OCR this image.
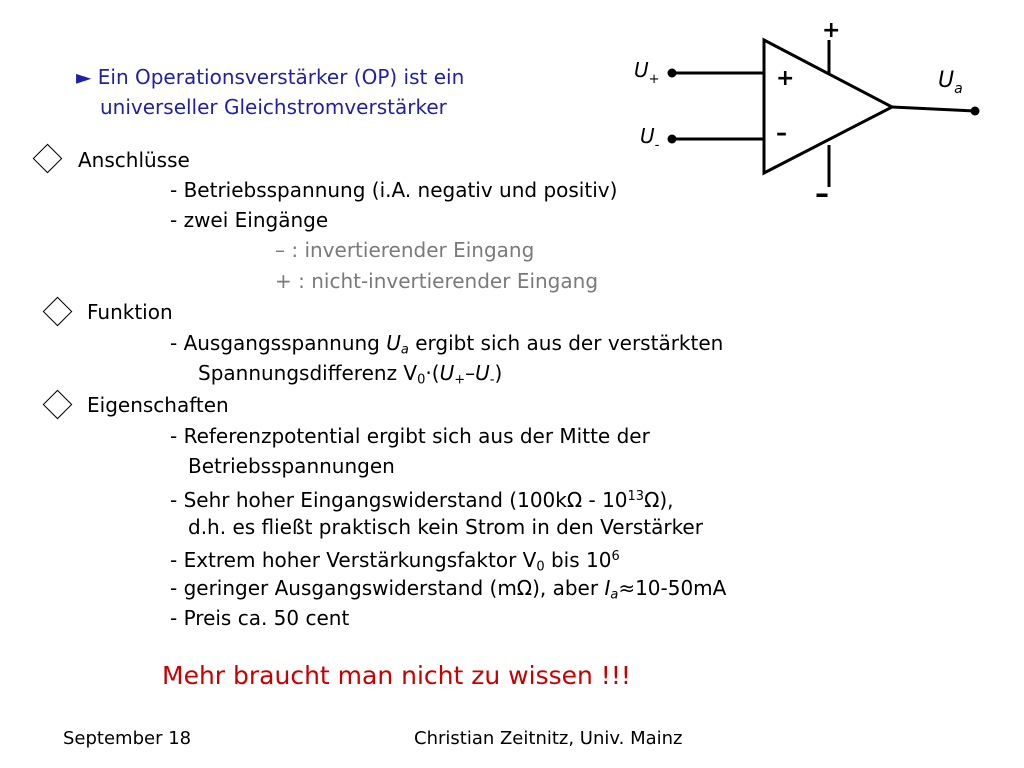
► Ein Operationsverstärker (OP) ist ein
universeller Gleichstromverstärker
+
–
+
–
$U_+$
$U_-$
$U_a$
Anschlüsse
- Betriebsspannung (i.A. negativ und positiv)
- zwei Eingänge
– : invertierender Eingang
+ : nicht-invertierender Eingang
Funktion
- Ausgangsspannung $U_a$ ergibt sich aus der verstärkten
Spannungsdifferenz $V_0\cdot(U_+-U_-)$
Eigenschaften
- Referenzpotential ergibt sich aus der Mitte der
Betriebsspannungen
- Sehr hoher Eingangswiderstand $(100k\Omega - 10^{13}\Omega)$,
d.h. es fließt praktisch kein Strom in den Verstärker
- Extrem hoher Verstärkungsfaktor $V_0$ bis $10^6$
- geringer Ausgangswiderstand (mΩ), aber $I_a\approx 10-50mA$
- Preis ca. 50 cent
Mehr braucht man nicht zu wissen !!!
September 18	Christian Zeitnitz, Univ. Mainz
